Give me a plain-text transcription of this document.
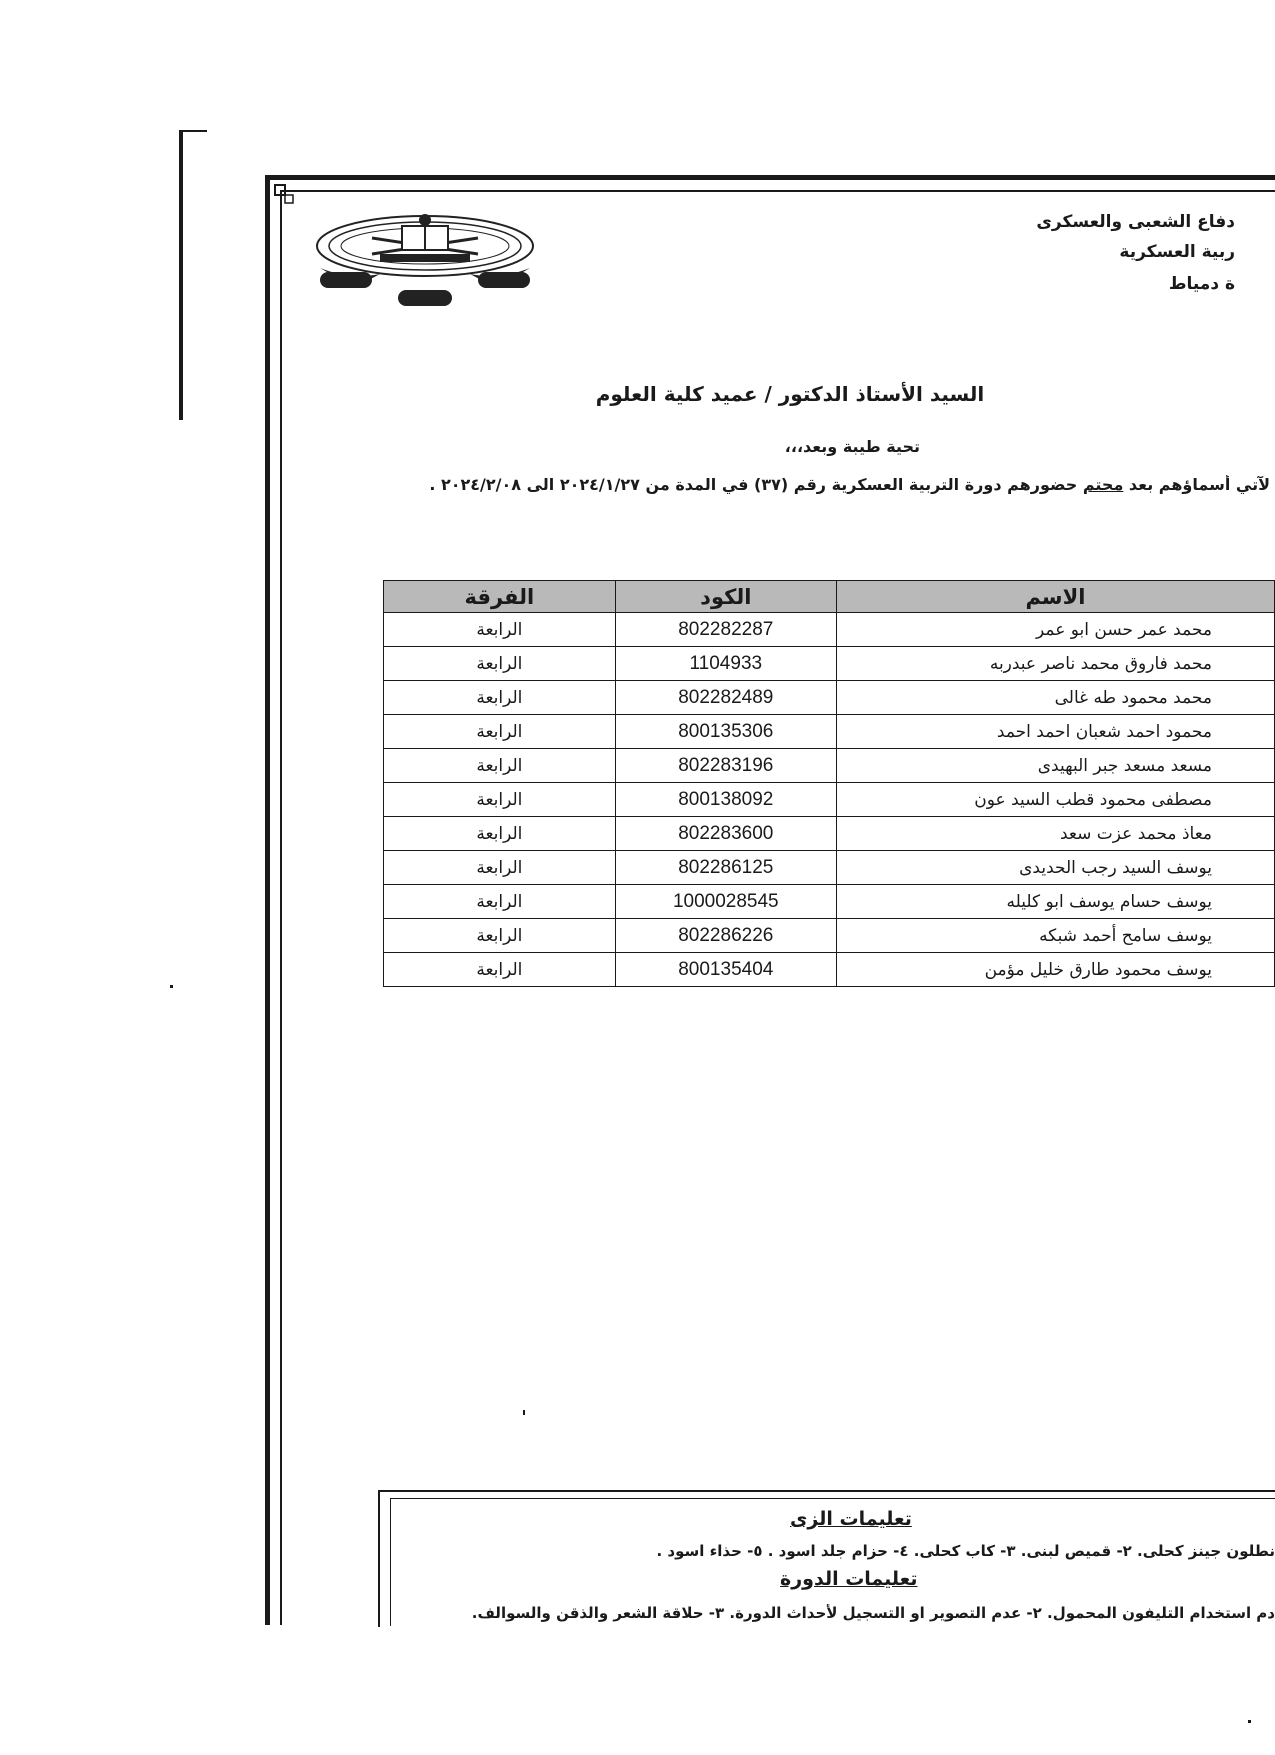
دفاع الشعبى والعسكرى
ربية العسكرية
ة دمياط
السيد الأستاذ الدكتور / عميد كلية العلوم
تحية طيبة وبعد،،،
لآتي أسماؤهم بعد محتم حضورهم دورة التربية العسكرية رقم (٣٧) في المدة من ٢٠٢٤/١/٢٧ الى ٢٠٢٤/٢/٠٨ .
الاسم	الكود	الفرقة
محمد عمر حسن ابو عمر	802282287	الرابعة
محمد فاروق محمد ناصر عبدربه	1104933	الرابعة
محمد محمود طه غالى	802282489	الرابعة
محمود احمد شعبان احمد احمد	800135306	الرابعة
مسعد مسعد جبر البهيدى	802283196	الرابعة
مصطفى محمود قطب السيد عون	800138092	الرابعة
معاذ محمد عزت سعد	802283600	الرابعة
يوسف السيد رجب الحديدى	802286125	الرابعة
يوسف حسام يوسف ابو كليله	1000028545	الرابعة
يوسف سامح أحمد شبكه	802286226	الرابعة
يوسف محمود طارق خليل مؤمن	800135404	الرابعة
تعليمات الزى
نطلون جينز كحلى. ٢- قميص لبنى. ٣- كاب كحلى. ٤- حزام جلد اسود . ٥- حذاء اسود .
تعليمات الدورة
دم استخدام التليفون المحمول. ٢- عدم التصوير او التسجيل لأحداث الدورة. ٣- حلاقة الشعر والذقن والسوالف.
